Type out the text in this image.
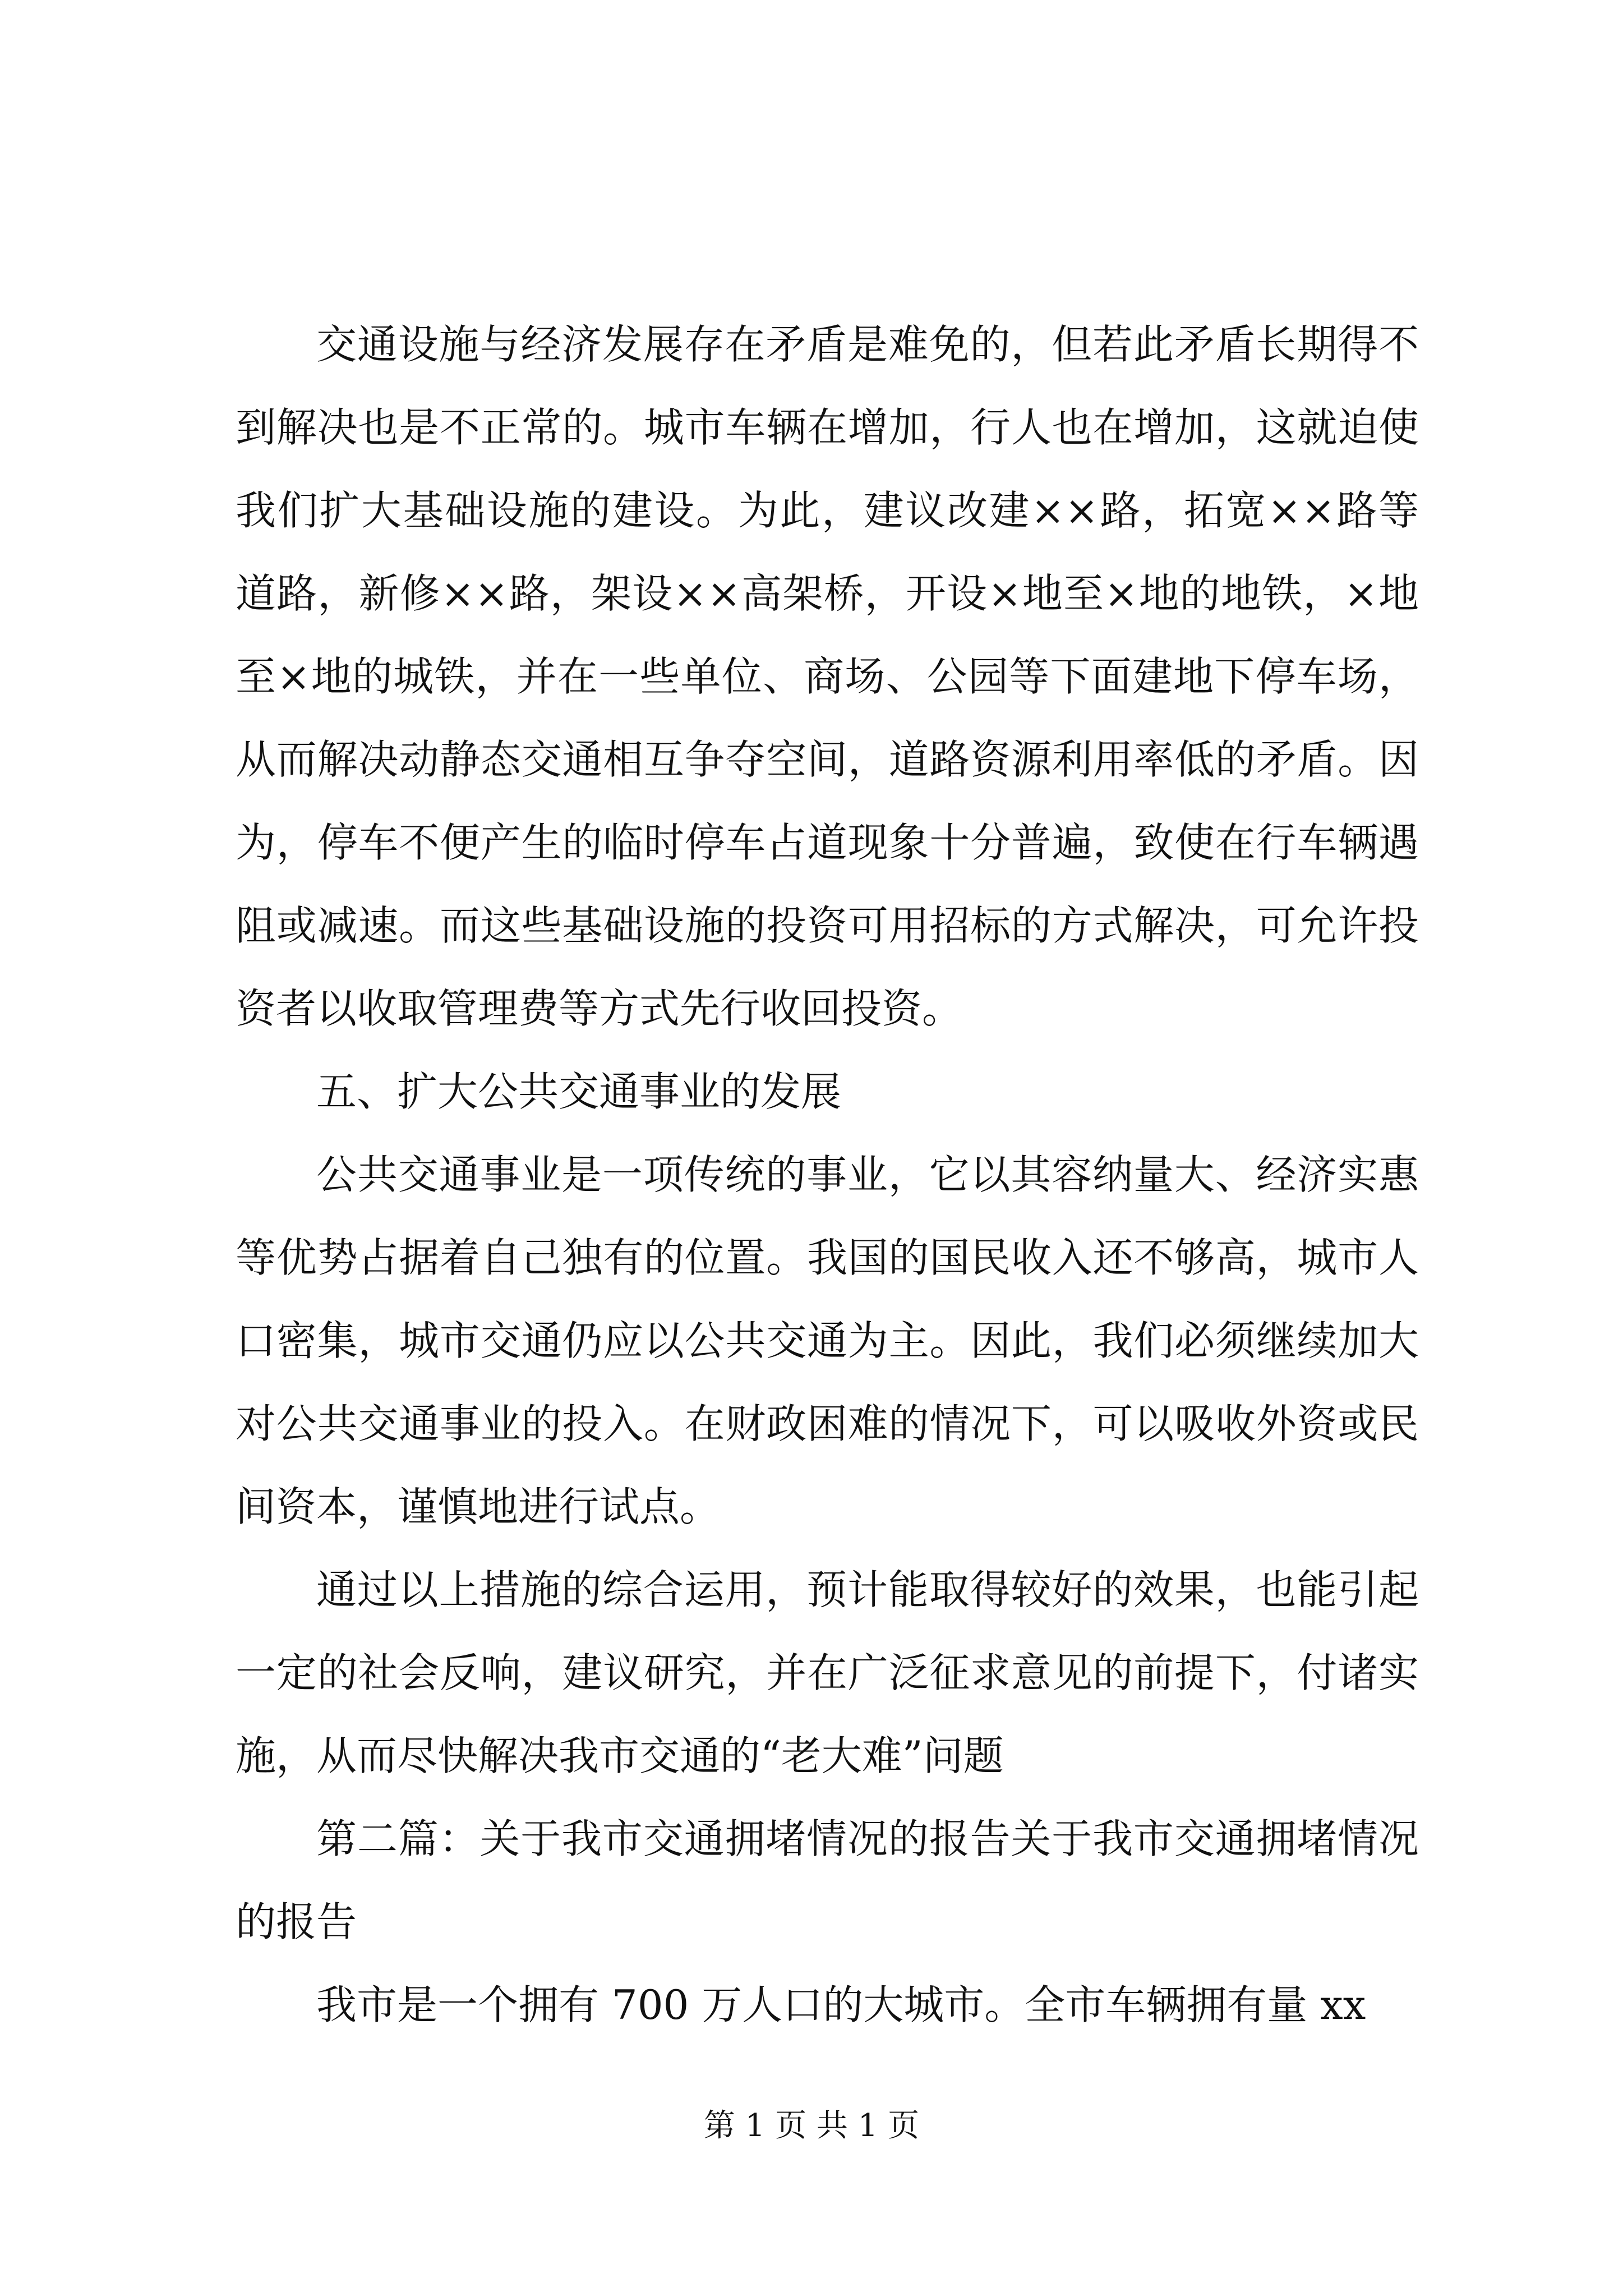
交通设施与经济发展存在矛盾是难免的，但若此矛盾长期得不到解决也是不正常的。城市车辆在增加，行人也在增加，这就迫使我们扩大基础设施的建设。为此，建议改建××路，拓宽××路等道路，新修××路，架设××高架桥，开设×地至×地的地铁，×地至×地的城铁，并在一些单位、商场、公园等下面建地下停车场，从而解决动静态交通相互争夺空间，道路资源利用率低的矛盾。因为，停车不便产生的临时停车占道现象十分普遍，致使在行车辆遇阻或减速。而这些基础设施的投资可用招标的方式解决，可允许投资者以收取管理费等方式先行收回投资。

五、扩大公共交通事业的发展

公共交通事业是一项传统的事业，它以其容纳量大、经济实惠等优势占据着自己独有的位置。我国的国民收入还不够高，城市人口密集，城市交通仍应以公共交通为主。因此，我们必须继续加大对公共交通事业的投入。在财政困难的情况下，可以吸收外资或民间资本，谨慎地进行试点。

通过以上措施的综合运用，预计能取得较好的效果，也能引起一定的社会反响，建议研究，并在广泛征求意见的前提下，付诸实施，从而尽快解决我市交通的“老大难”问题

第二篇：关于我市交通拥堵情况的报告关于我市交通拥堵情况的报告

我市是一个拥有 700 万人口的大城市。全市车辆拥有量 xx

第 1 页 共 1 页
